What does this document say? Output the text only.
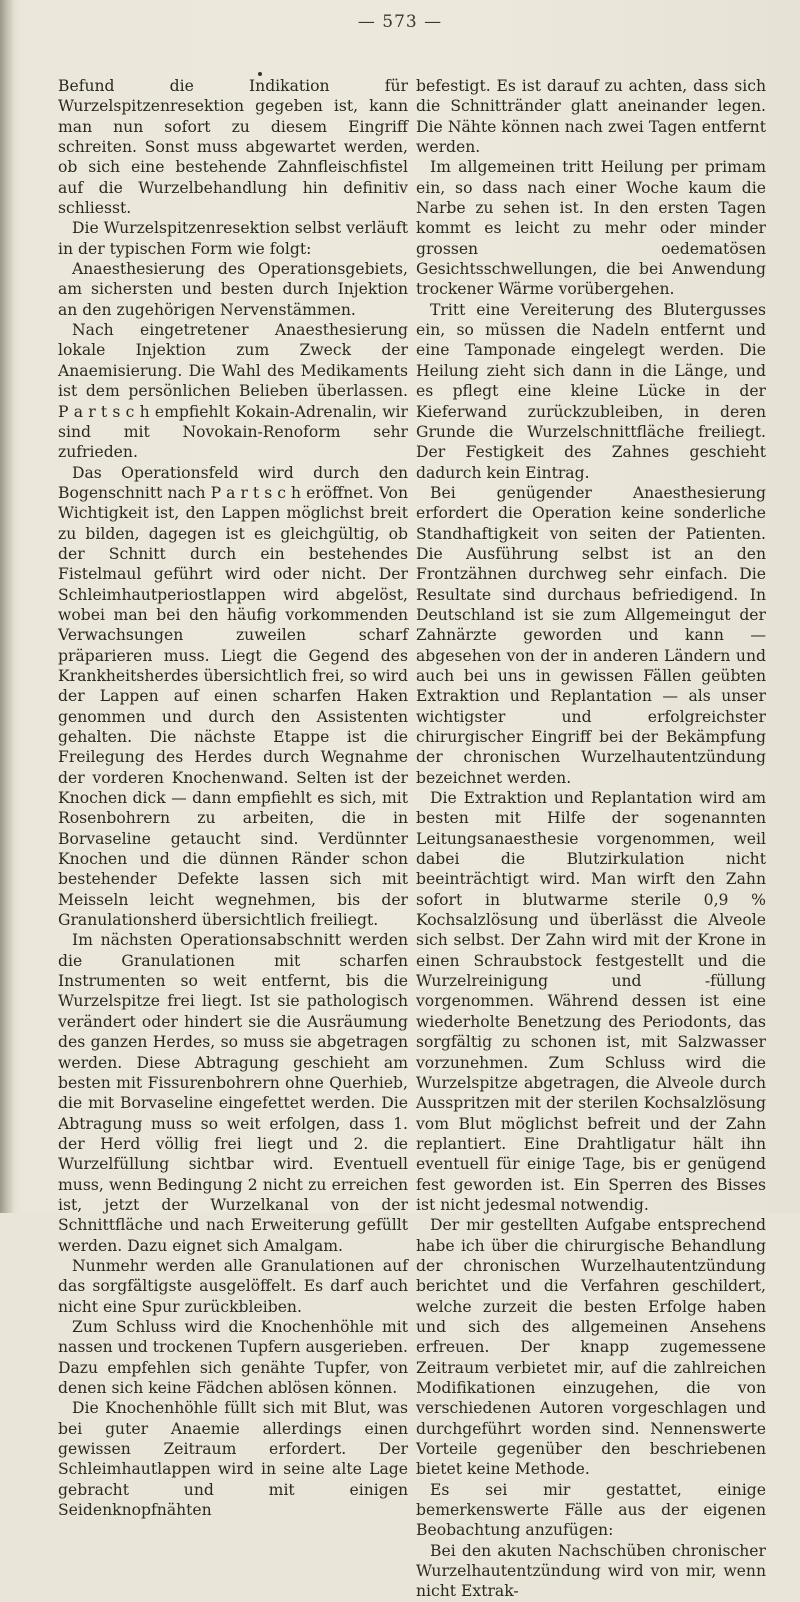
— 573 —

Befund die Indikation für Wurzelspitzenresektion gegeben ist, kann man nun sofort zu diesem Eingriff schreiten. Sonst muss abgewartet werden, ob sich eine bestehende Zahnfleischfistel auf die Wurzelbehandlung hin definitiv schliesst.

Die Wurzelspitzenresektion selbst verläuft in der typischen Form wie folgt:

Anaesthesierung des Operationsgebiets, am sichersten und besten durch Injektion an den zugehörigen Nervenstämmen.

Nach eingetretener Anaesthesierung lokale Injektion zum Zweck der Anaemisierung. Die Wahl des Medikaments ist dem persönlichen Belieben überlassen. P a r t s c h empfiehlt Kokain-Adrenalin, wir sind mit Novokain-Renoform sehr zufrieden.

Das Operationsfeld wird durch den Bogenschnitt nach P a r t s c h eröffnet. Von Wichtigkeit ist, den Lappen möglichst breit zu bilden, dagegen ist es gleichgültig, ob der Schnitt durch ein bestehendes Fistelmaul geführt wird oder nicht. Der Schleimhautperiostlappen wird abgelöst, wobei man bei den häufig vorkommenden Verwachsungen zuweilen scharf präparieren muss. Liegt die Gegend des Krankheitsherdes übersichtlich frei, so wird der Lappen auf einen scharfen Haken genommen und durch den Assistenten gehalten. Die nächste Etappe ist die Freilegung des Herdes durch Wegnahme der vorderen Knochenwand. Selten ist der Knochen dick — dann empfiehlt es sich, mit Rosenbohrern zu arbeiten, die in Borvaseline getaucht sind. Verdünnter Knochen und die dünnen Ränder schon bestehender Defekte lassen sich mit Meisseln leicht wegnehmen, bis der Granulationsherd übersichtlich freiliegt.

Im nächsten Operationsabschnitt werden die Granulationen mit scharfen Instrumenten so weit entfernt, bis die Wurzelspitze frei liegt. Ist sie pathologisch verändert oder hindert sie die Ausräumung des ganzen Herdes, so muss sie abgetragen werden. Diese Abtragung geschieht am besten mit Fissurenbohrern ohne Querhieb, die mit Borvaseline eingefettet werden. Die Abtragung muss so weit erfolgen, dass 1. der Herd völlig frei liegt und 2. die Wurzelfüllung sichtbar wird. Eventuell muss, wenn Bedingung 2 nicht zu erreichen ist, jetzt der Wurzelkanal von der Schnittfläche und nach Erweiterung gefüllt werden. Dazu eignet sich Amalgam.

Nunmehr werden alle Granulationen auf das sorgfältigste ausgelöffelt. Es darf auch nicht eine Spur zurückbleiben.

Zum Schluss wird die Knochenhöhle mit nassen und trockenen Tupfern ausgerieben. Dazu empfehlen sich genähte Tupfer, von denen sich keine Fädchen ablösen können.

Die Knochenhöhle füllt sich mit Blut, was bei guter Anaemie allerdings einen gewissen Zeitraum erfordert. Der Schleimhautlappen wird in seine alte Lage gebracht und mit einigen Seidenknopfnähten

befestigt. Es ist darauf zu achten, dass sich die Schnittränder glatt aneinander legen. Die Nähte können nach zwei Tagen entfernt werden.

Im allgemeinen tritt Heilung per primam ein, so dass nach einer Woche kaum die Narbe zu sehen ist. In den ersten Tagen kommt es leicht zu mehr oder minder grossen oedematösen Gesichtsschwellungen, die bei Anwendung trockener Wärme vorübergehen.

Tritt eine Vereiterung des Blutergusses ein, so müssen die Nadeln entfernt und eine Tamponade eingelegt werden. Die Heilung zieht sich dann in die Länge, und es pflegt eine kleine Lücke in der Kieferwand zurückzubleiben, in deren Grunde die Wurzelschnittfläche freiliegt. Der Festigkeit des Zahnes geschieht dadurch kein Eintrag.

Bei genügender Anaesthesierung erfordert die Operation keine sonderliche Standhaftigkeit von seiten der Patienten. Die Ausführung selbst ist an den Frontzähnen durchweg sehr einfach. Die Resultate sind durchaus befriedigend. In Deutschland ist sie zum Allgemeingut der Zahnärzte geworden und kann — abgesehen von der in anderen Ländern und auch bei uns in gewissen Fällen geübten Extraktion und Replantation — als unser wichtigster und erfolgreichster chirurgischer Eingriff bei der Bekämpfung der chronischen Wurzelhautentzündung bezeichnet werden.

Die Extraktion und Replantation wird am besten mit Hilfe der sogenannten Leitungsanaesthesie vorgenommen, weil dabei die Blutzirkulation nicht beeinträchtigt wird. Man wirft den Zahn sofort in blutwarme sterile 0,9 % Kochsalzlösung und überlässt die Alveole sich selbst. Der Zahn wird mit der Krone in einen Schraubstock festgestellt und die Wurzelreinigung und -füllung vorgenommen. Während dessen ist eine wiederholte Benetzung des Periodonts, das sorgfältig zu schonen ist, mit Salzwasser vorzunehmen. Zum Schluss wird die Wurzelspitze abgetragen, die Alveole durch Ausspritzen mit der sterilen Kochsalzlösung vom Blut möglichst befreit und der Zahn replantiert. Eine Drahtligatur hält ihn eventuell für einige Tage, bis er genügend fest geworden ist. Ein Sperren des Bisses ist nicht jedesmal notwendig.

Der mir gestellten Aufgabe entsprechend habe ich über die chirurgische Behandlung der chronischen Wurzelhautentzündung berichtet und die Verfahren geschildert, welche zurzeit die besten Erfolge haben und sich des allgemeinen Ansehens erfreuen. Der knapp zugemessene Zeitraum verbietet mir, auf die zahlreichen Modifikationen einzugehen, die von verschiedenen Autoren vorgeschlagen und durchgeführt worden sind. Nennenswerte Vorteile gegenüber den beschriebenen bietet keine Methode.

Es sei mir gestattet, einige bemerkenswerte Fälle aus der eigenen Beobachtung anzufügen:

Bei den akuten Nachschüben chronischer Wurzelhautentzündung wird von mir, wenn nicht Extrak-
